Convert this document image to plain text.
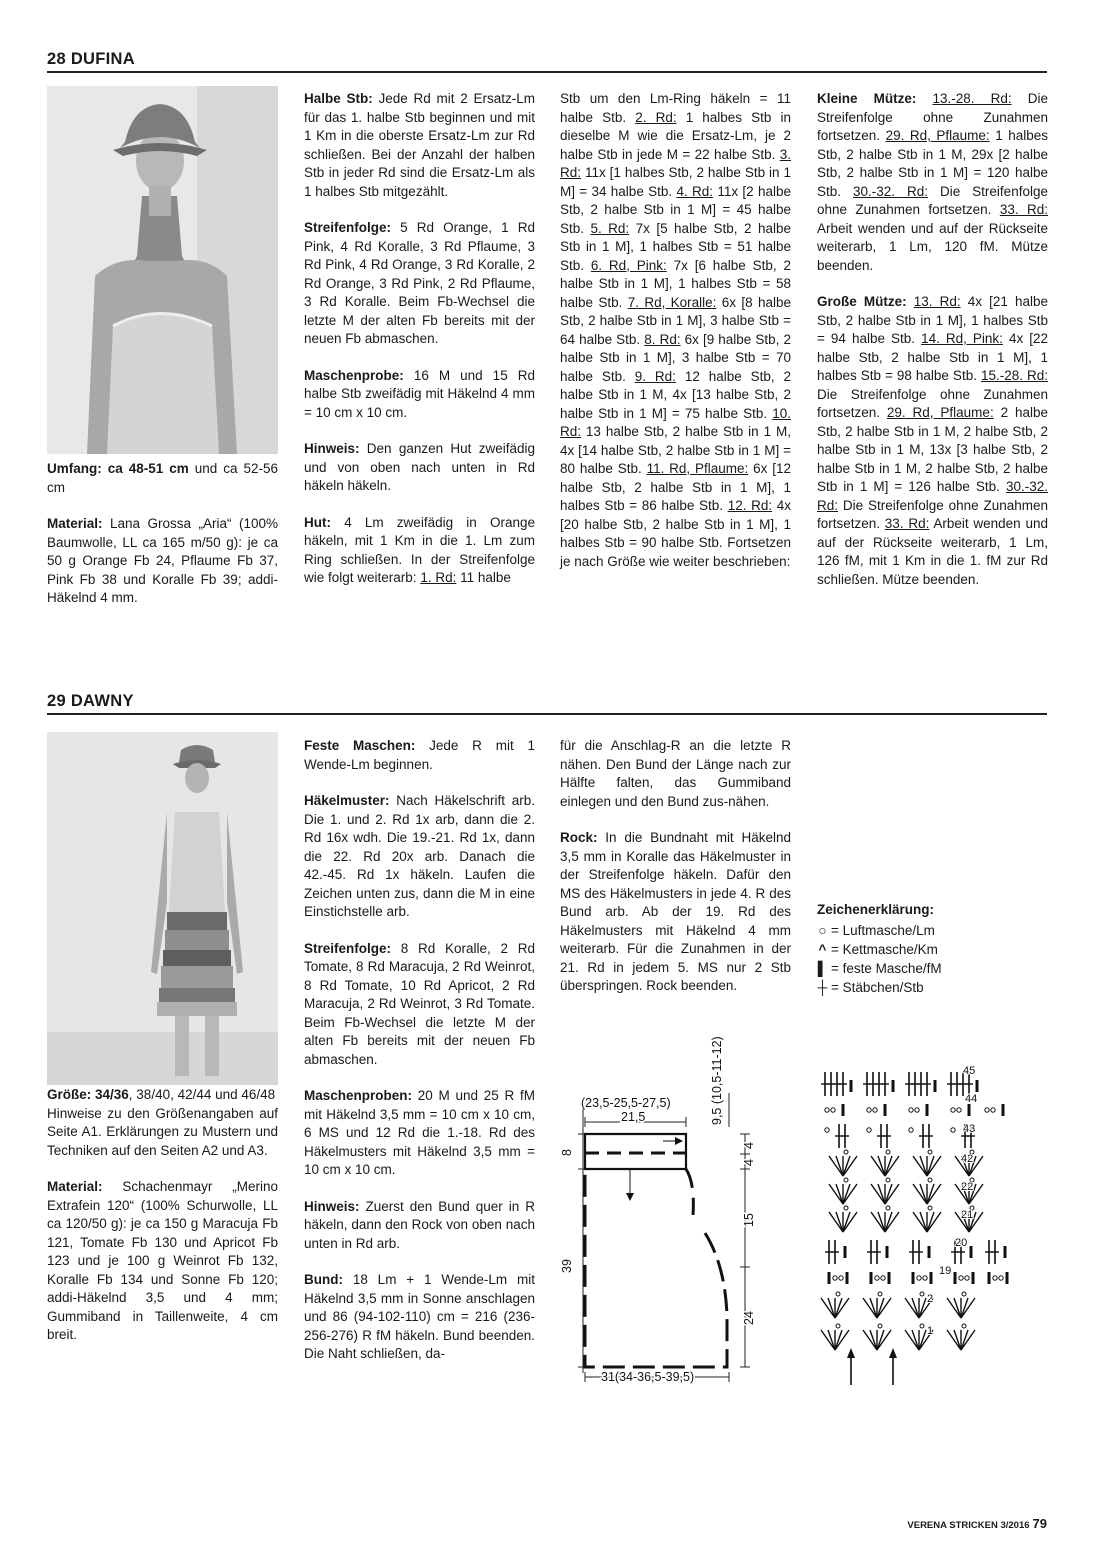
28 DUFINA

Umfang: ca 48-51 cm und ca 52-56 cm

Material: Lana Grossa „Aria“ (100% Baumwolle, LL ca 165 m/50 g): je ca 50 g Orange Fb 24, Pflaume Fb 37, Pink Fb 38 und Koralle Fb 39; addi-Häkelnd 4 mm.

Halbe Stb: Jede Rd mit 2 Ersatz-Lm für das 1. halbe Stb beginnen und mit 1 Km in die oberste Ersatz-Lm zur Rd schließen. Bei der Anzahl der halben Stb in jeder Rd sind die Ersatz-Lm als 1 halbes Stb mitgezählt.

Streifenfolge: 5 Rd Orange, 1 Rd Pink, 4 Rd Koralle, 3 Rd Pflaume, 3 Rd Pink, 4 Rd Orange, 3 Rd Koralle, 2 Rd Orange, 3 Rd Pink, 2 Rd Pflaume, 3 Rd Koralle. Beim Fb-Wechsel die letzte M der alten Fb bereits mit der neuen Fb abmaschen.

Maschenprobe: 16 M und 15 Rd halbe Stb zweifädig mit Häkelnd 4 mm = 10 cm x 10 cm.

Hinweis: Den ganzen Hut zweifädig und von oben nach unten in Rd häkeln häkeln.

Hut: 4 Lm zweifädig in Orange häkeln, mit 1 Km in die 1. Lm zum Ring schließen. In der Streifenfolge wie folgt weiterarb: 1. Rd: 11 halbe

Stb um den Lm-Ring häkeln = 11 halbe Stb. 2. Rd: 1 halbes Stb in dieselbe M wie die Ersatz-Lm, je 2 halbe Stb in jede M = 22 halbe Stb. 3. Rd: 11x [1 halbes Stb, 2 halbe Stb in 1 M] = 34 halbe Stb. 4. Rd: 11x [2 halbe Stb, 2 halbe Stb in 1 M] = 45 halbe Stb. 5. Rd: 7x [5 halbe Stb, 2 halbe Stb in 1 M], 1 halbes Stb = 51 halbe Stb. 6. Rd, Pink: 7x [6 halbe Stb, 2 halbe Stb in 1 M], 1 halbes Stb = 58 halbe Stb. 7. Rd, Koralle: 6x [8 halbe Stb, 2 halbe Stb in 1 M], 3 halbe Stb = 64 halbe Stb. 8. Rd: 6x [9 halbe Stb, 2 halbe Stb in 1 M], 3 halbe Stb = 70 halbe Stb. 9. Rd: 12 halbe Stb, 2 halbe Stb in 1 M, 4x [13 halbe Stb, 2 halbe Stb in 1 M] = 75 halbe Stb. 10. Rd: 13 halbe Stb, 2 halbe Stb in 1 M, 4x [14 halbe Stb, 2 halbe Stb in 1 M] = 80 halbe Stb. 11. Rd, Pflaume: 6x [12 halbe Stb, 2 halbe Stb in 1 M], 1 halbes Stb = 86 halbe Stb. 12. Rd: 4x [20 halbe Stb, 2 halbe Stb in 1 M], 1 halbes Stb = 90 halbe Stb. Fortsetzen je nach Größe wie weiter beschrieben:

Kleine Mütze: 13.-28. Rd: Die Streifenfolge ohne Zunahmen fortsetzen. 29. Rd, Pflaume: 1 halbes Stb, 2 halbe Stb in 1 M, 29x [2 halbe Stb, 2 halbe Stb in 1 M] = 120 halbe Stb. 30.-32. Rd: Die Streifenfolge ohne Zunahmen fortsetzen. 33. Rd: Arbeit wenden und auf der Rückseite weiterarb, 1 Lm, 120 fM. Mütze beenden.

Große Mütze: 13. Rd: 4x [21 halbe Stb, 2 halbe Stb in 1 M], 1 halbes Stb = 94 halbe Stb. 14. Rd, Pink: 4x [22 halbe Stb, 2 halbe Stb in 1 M], 1 halbes Stb = 98 halbe Stb. 15.-28. Rd: Die Streifenfolge ohne Zunahmen fortsetzen. 29. Rd, Pflaume: 2 halbe Stb, 2 halbe Stb in 1 M, 2 halbe Stb, 2 halbe Stb in 1 M, 13x [3 halbe Stb, 2 halbe Stb in 1 M, 2 halbe Stb, 2 halbe Stb in 1 M] = 126 halbe Stb. 30.-32. Rd: Die Streifenfolge ohne Zunahmen fortsetzen. 33. Rd: Arbeit wenden und auf der Rückseite weiterarb, 1 Lm, 126 fM, mit 1 Km in die 1. fM zur Rd schließen. Mütze beenden.

29 DAWNY

Größe: 34/36, 38/40, 42/44 und 46/48
Hinweise zu den Größenangaben auf Seite A1. Erklärungen zu Mustern und Techniken auf den Seiten A2 und A3.

Material: Schachenmayr „Merino Extrafein 120“ (100% Schurwolle, LL ca 120/50 g): je ca 150 g Maracuja Fb 121, Tomate Fb 130 und Apricot Fb 123 und je 100 g Weinrot Fb 132, Koralle Fb 134 und Sonne Fb 120; addi-Häkelnd 3,5 und 4 mm; Gummiband in Taillenweite, 4 cm breit.

Feste Maschen: Jede R mit 1 Wende-Lm beginnen.

Häkelmuster: Nach Häkelschrift arb. Die 1. und 2. Rd 1x arb, dann die 2. Rd 16x wdh. Die 19.-21. Rd 1x, dann die 22. Rd 20x arb. Danach die 42.-45. Rd 1x häkeln. Laufen die Zeichen unten zus, dann die M in eine Einstichstelle arb.

Streifenfolge: 8 Rd Koralle, 2 Rd Tomate, 8 Rd Maracuja, 2 Rd Weinrot, 8 Rd Tomate, 10 Rd Apricot, 2 Rd Maracuja, 2 Rd Weinrot, 3 Rd Tomate. Beim Fb-Wechsel die letzte M der alten Fb bereits mit der neuen Fb abmaschen.

Maschenproben: 20 M und 25 R fM mit Häkelnd 3,5 mm = 10 cm x 10 cm, 6 MS und 12 Rd die 1.-18. Rd des Häkelmusters mit Häkelnd 3,5 mm = 10 cm x 10 cm.

Hinweis: Zuerst den Bund quer in R häkeln, dann den Rock von oben nach unten in Rd arb.

Bund: 18 Lm + 1 Wende-Lm mit Häkelnd 3,5 mm in Sonne anschlagen und 86 (94-102-110) cm = 216 (236-256-276) R fM häkeln. Bund beenden. Die Naht schließen, da-

für die Anschlag-R an die letzte R nähen. Den Bund der Länge nach zur Hälfte falten, das Gummiband einlegen und den Bund zus-nähen.

Rock: In die Bundnaht mit Häkelnd 3,5 mm in Koralle das Häkelmuster in der Streifenfolge häkeln. Dafür den MS des Häkelmusters in jede 4. R des Bund arb. Ab der 19. Rd des Häkelmusters mit Häkelnd 4 mm weiterarb. Für die Zunahmen in der 21. Rd in jedem 5. MS nur 2 Stb überspringen. Rock beenden.

(23,5-25,5-27,5)
21,5	9,5 (10,5-11-12)
8
4
4
15
39
24
31(34-36,5-39,5)
Zeichenerklärung:
○ = Luftmasche/Lm
^ = Kettmasche/Km
▌ = feste Masche/fM
┼ = Stäbchen/Stb
45
44
43
42
22
21
20
19
2
1
VERENA STRICKEN 3/2016 79
